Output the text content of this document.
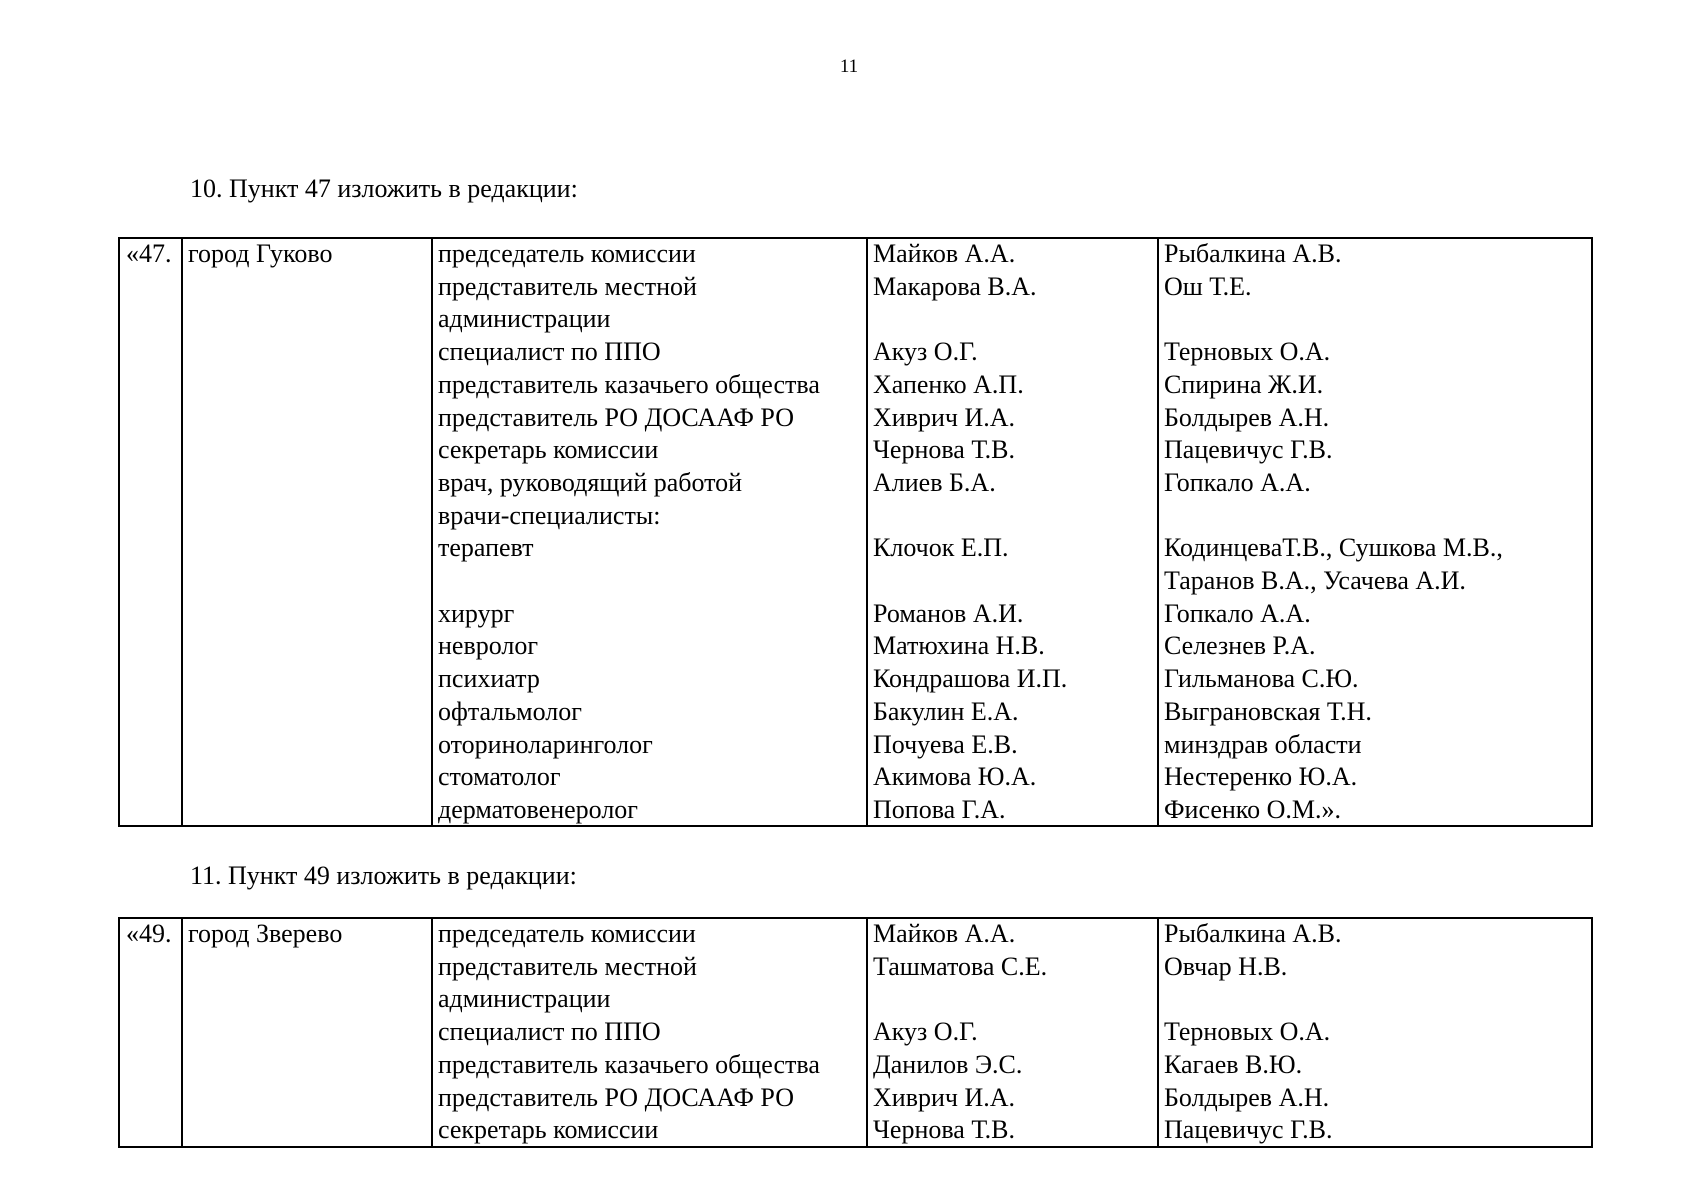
11
10. Пункт 47 изложить в редакции:
«47. город Гуково	председатель комиссии
представитель местной
администрации
специалист по ППО
представитель казачьего общества
представитель РО ДОСААФ РО
секретарь комиссии
врач, руководящий работой
врачи-специалисты:
терапевт

хирург
невролог
психиатр
офтальмолог
оториноларинголог
стоматолог
дерматовенеролог
Майков А.А.
Макарова В.А.

Акуз О.Г.
Хапенко А.П.
Хиврич И.А.
Чернова Т.В.
Алиев Б.А.

Клочок Е.П.

Романов А.И.
Матюхина Н.В.
Кондрашова И.П.
Бакулин Е.А.
Почуева Е.В.
Акимова Ю.А.
Попова Г.А.
Рыбалкина А.В.
Ош Т.Е.

Терновых О.А.
Спирина Ж.И.
Болдырев А.Н.
Пацевичус Г.В.
Гопкало А.А.

КодинцеваТ.В., Сушкова М.В.,
Таранов В.А., Усачева А.И.
Гопкало А.А.
Селезнев Р.А.
Гильманова С.Ю.
Выграновская Т.Н.
минздрав области
Нестеренко Ю.А.
Фисенко О.М.».
11. Пункт 49 изложить в редакции:
«49. город Зверево	председатель комиссии
представитель местной
администрации
специалист по ППО
представитель казачьего общества
представитель РО ДОСААФ РО
секретарь комиссии
Майков А.А.
Ташматова С.Е.

Акуз О.Г.
Данилов Э.С.
Хиврич И.А.
Чернова Т.В.
Рыбалкина А.В.
Овчар Н.В.

Терновых О.А.
Кагаев В.Ю.
Болдырев А.Н.
Пацевичус Г.В.
